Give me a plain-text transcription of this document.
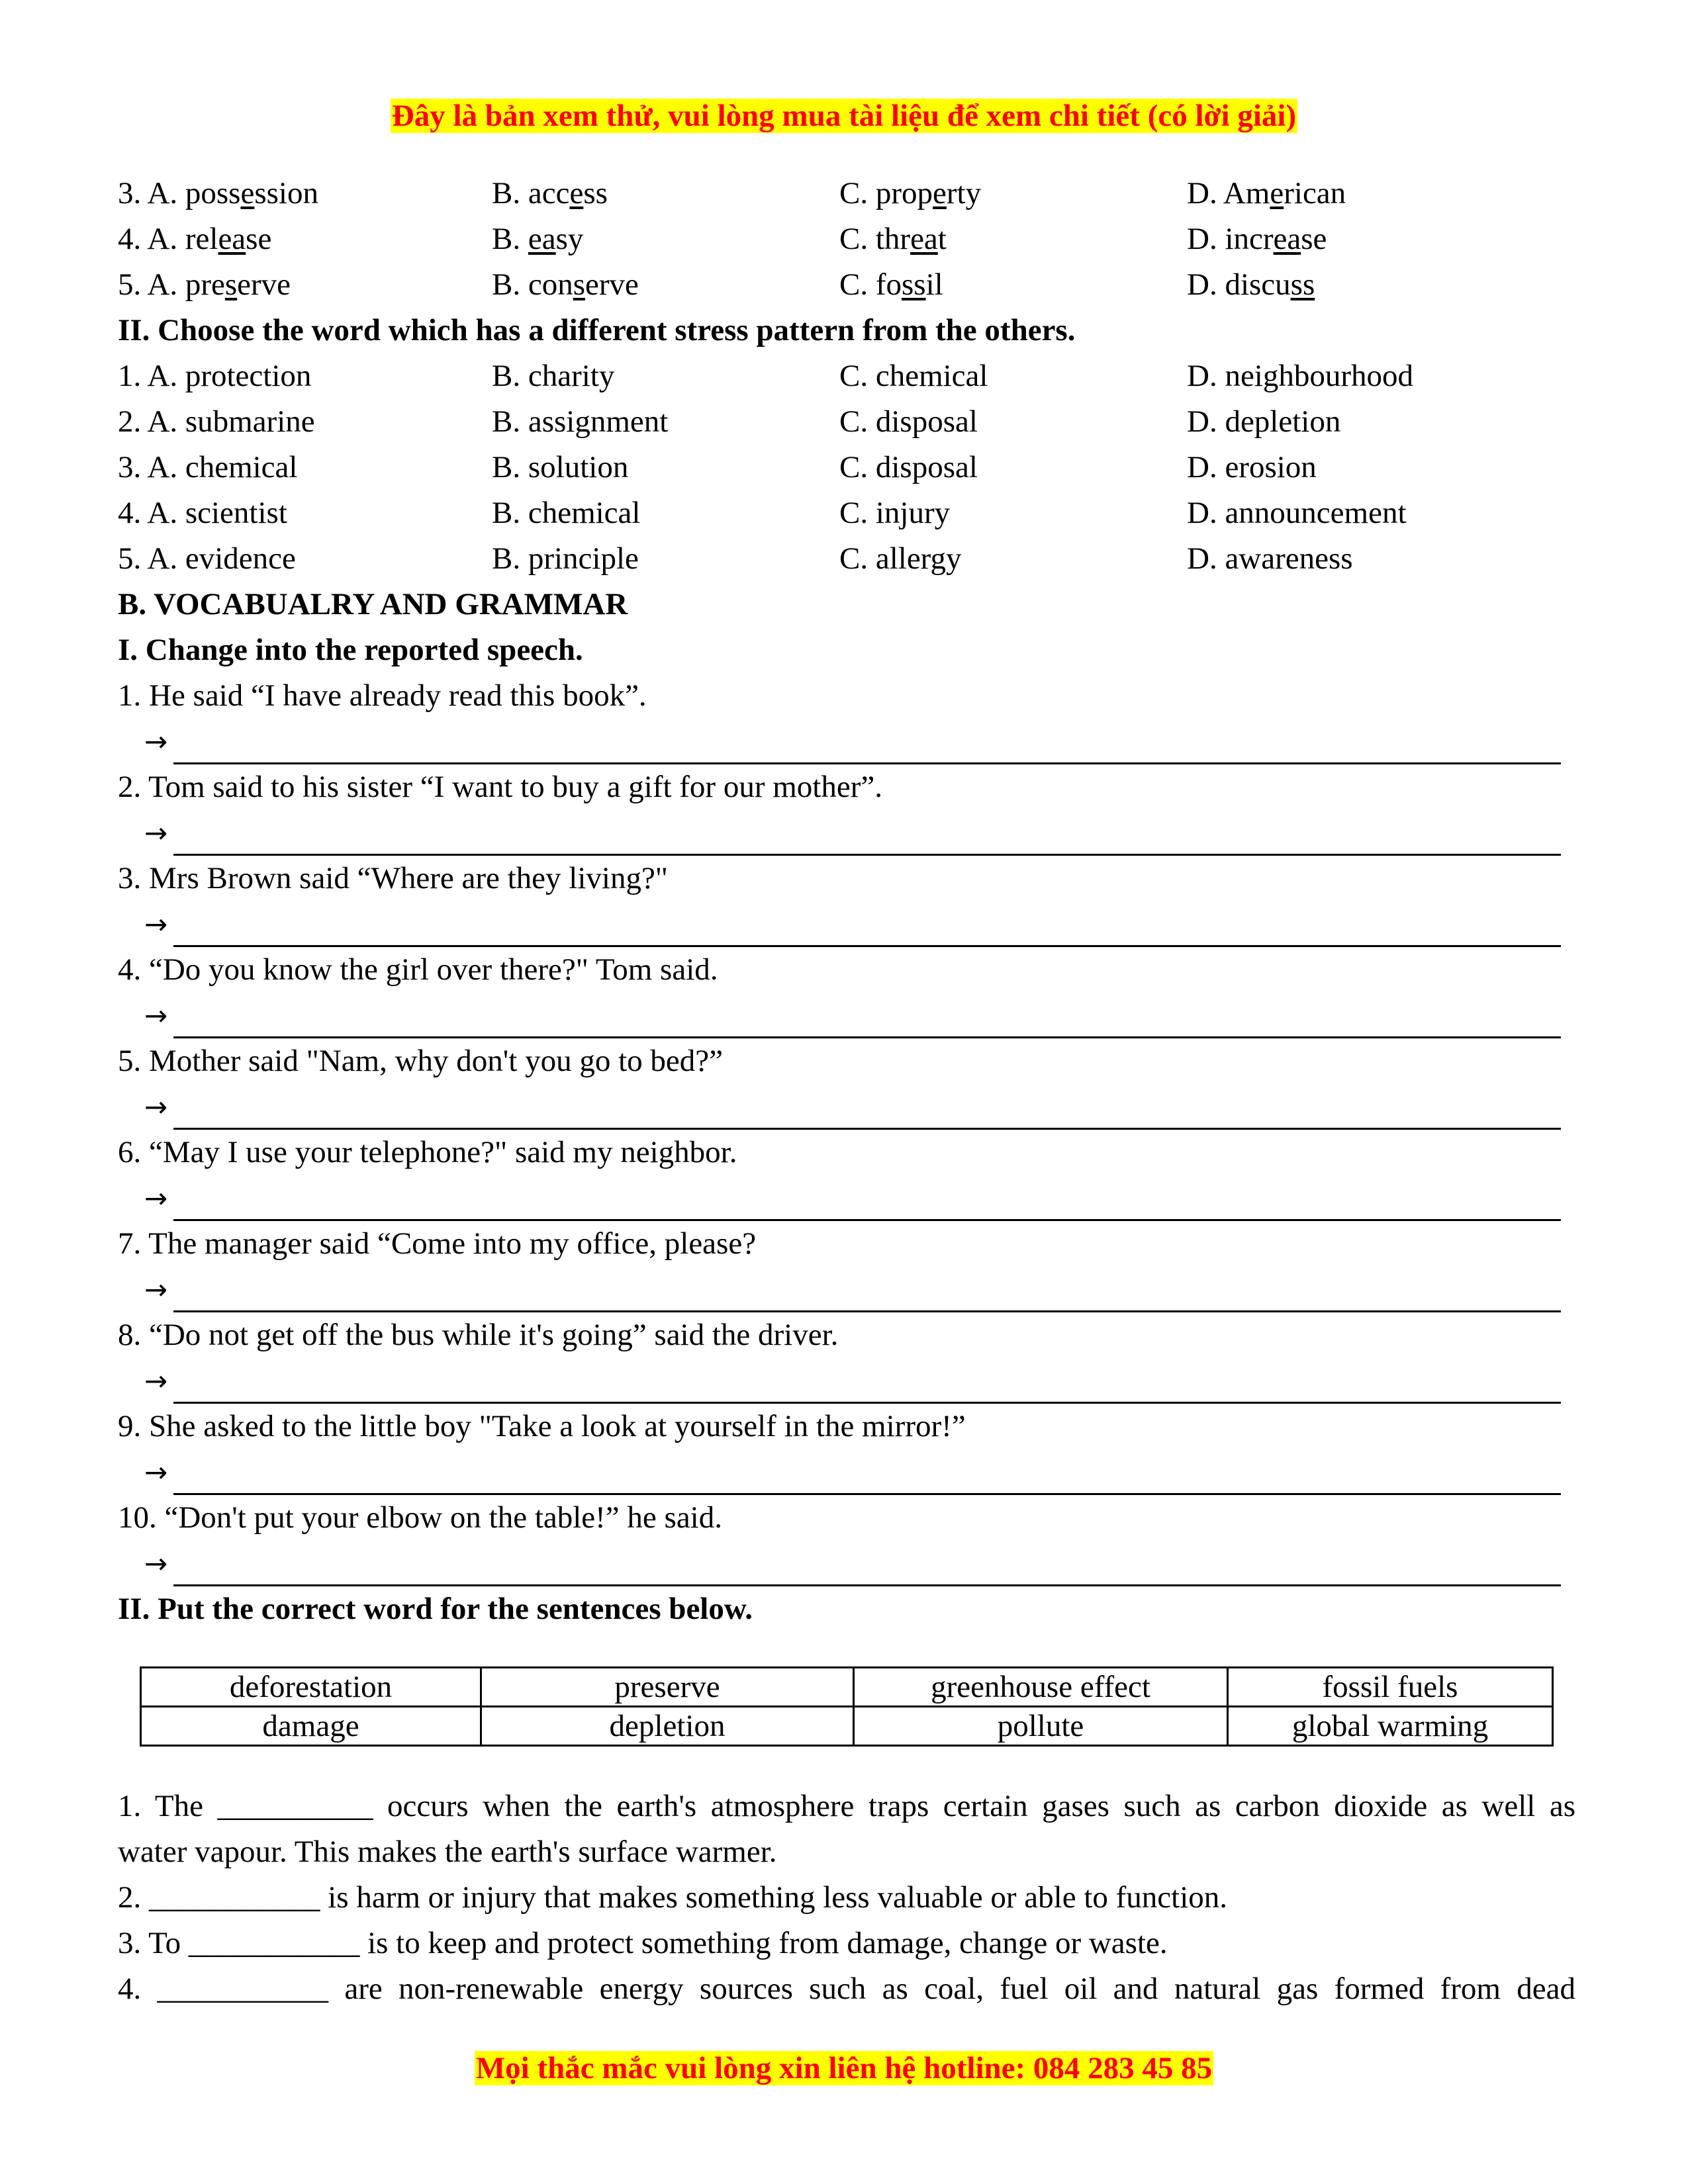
Đây là bản xem thử, vui lòng mua tài liệu để xem chi tiết (có lời giải)
3. A. possession	B. access	C. property	D. American
4. A. release	B. easy	C. threat	D. increase
5. A. preserve	B. conserve	C. fossil	D. discuss
II. Choose the word which has a different stress pattern from the others.
1. A. protection	B. charity	C. chemical	D. neighbourhood
2. A. submarine	B. assignment	C. disposal	D. depletion
3. A. chemical	B. solution	C. disposal	D. erosion
4. A. scientist	B. chemical	C. injury	D. announcement
5. A. evidence	B. principle	C. allergy	D. awareness
B. VOCABUALRY AND GRAMMAR
I. Change into the reported speech.
1. He said “I have already read this book”.
→
2. Tom said to his sister “I want to buy a gift for our mother”.
→
3. Mrs Brown said “Where are they living?"
→
4. “Do you know the girl over there?" Tom said.
→
5. Mother said "Nam, why don't you go to bed?”
→
6. “May I use your telephone?" said my neighbor.
→
7. The manager said “Come into my office, please?
→
8. “Do not get off the bus while it's going” said the driver.
→
9. She asked to the little boy "Take a look at yourself in the mirror!”
→
10. “Don't put your elbow on the table!” he said.
→
II. Put the correct word for the sentences below.
deforestation	preserve	greenhouse effect	fossil fuels
damage	depletion	pollute	global warming
1. The __________ occurs when the earth's atmosphere traps certain gases such as carbon dioxide as well as
water vapour. This makes the earth's surface warmer.
2. ___________ is harm or injury that makes something less valuable or able to function.
3. To ___________ is to keep and protect something from damage, change or waste.
4. ___________ are non-renewable energy sources such as coal, fuel oil and natural gas formed from dead
Mọi thắc mắc vui lòng xin liên hệ hotline: 084 283 45 85
